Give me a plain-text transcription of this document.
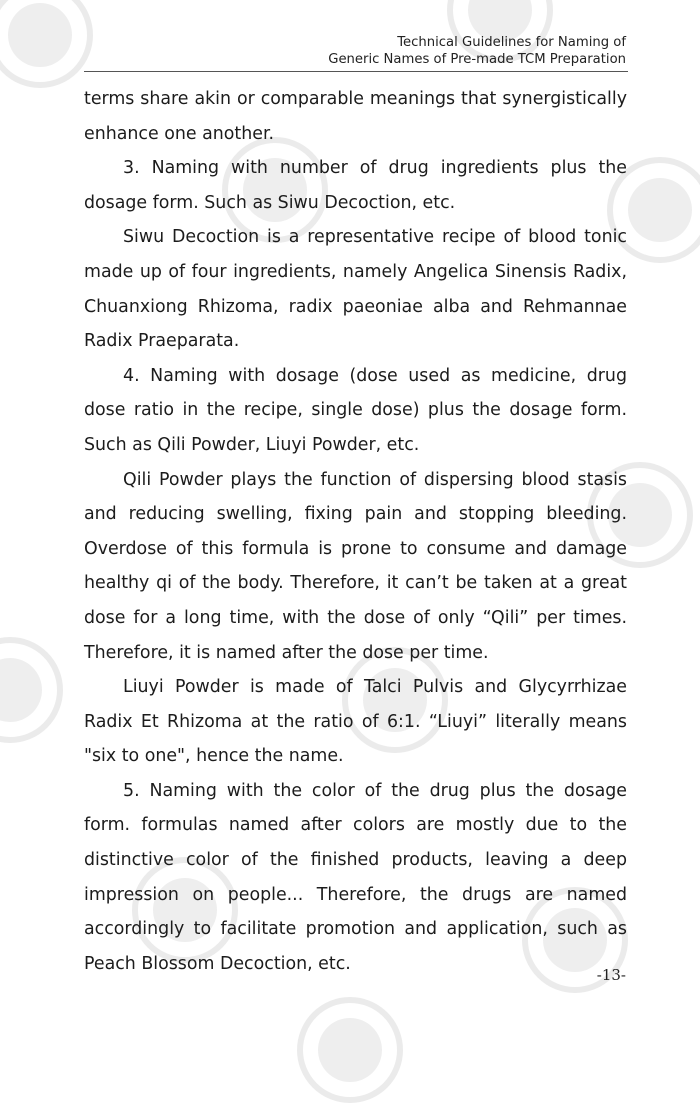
Technical Guidelines for Naming of
Generic Names of Pre-made TCM Preparation

terms share akin or comparable meanings that synergistically enhance one another.

3. Naming with number of drug ingredients plus the dosage form. Such as Siwu Decoction, etc.

Siwu Decoction is a representative recipe of blood tonic made up of four ingredients, namely Angelica Sinensis Radix, Chuanxiong Rhizoma, radix paeoniae alba and Rehmannae Radix Praeparata.

4. Naming with dosage (dose used as medicine, drug dose ratio in the recipe, single dose) plus the dosage form. Such as Qili Powder, Liuyi Powder, etc.

Qili Powder plays the function of dispersing blood stasis and reducing swelling, fixing pain and stopping bleeding. Overdose of this formula is prone to consume and damage healthy qi of the body. Therefore, it can’t be taken at a great dose for a long time, with the dose of only “Qili” per times. Therefore, it is named after the dose per time.

Liuyi Powder is made of Talci Pulvis and Glycyrrhizae Radix Et Rhizoma at the ratio of 6:1. “Liuyi” literally means "six to one", hence the name.

5. Naming with the color of the drug plus the dosage form. formulas named after colors are mostly due to the distinctive color of the finished products, leaving a deep impression on people... Therefore, the drugs are named accordingly to facilitate promotion and application, such as Peach Blossom Decoction, etc.

-13-
